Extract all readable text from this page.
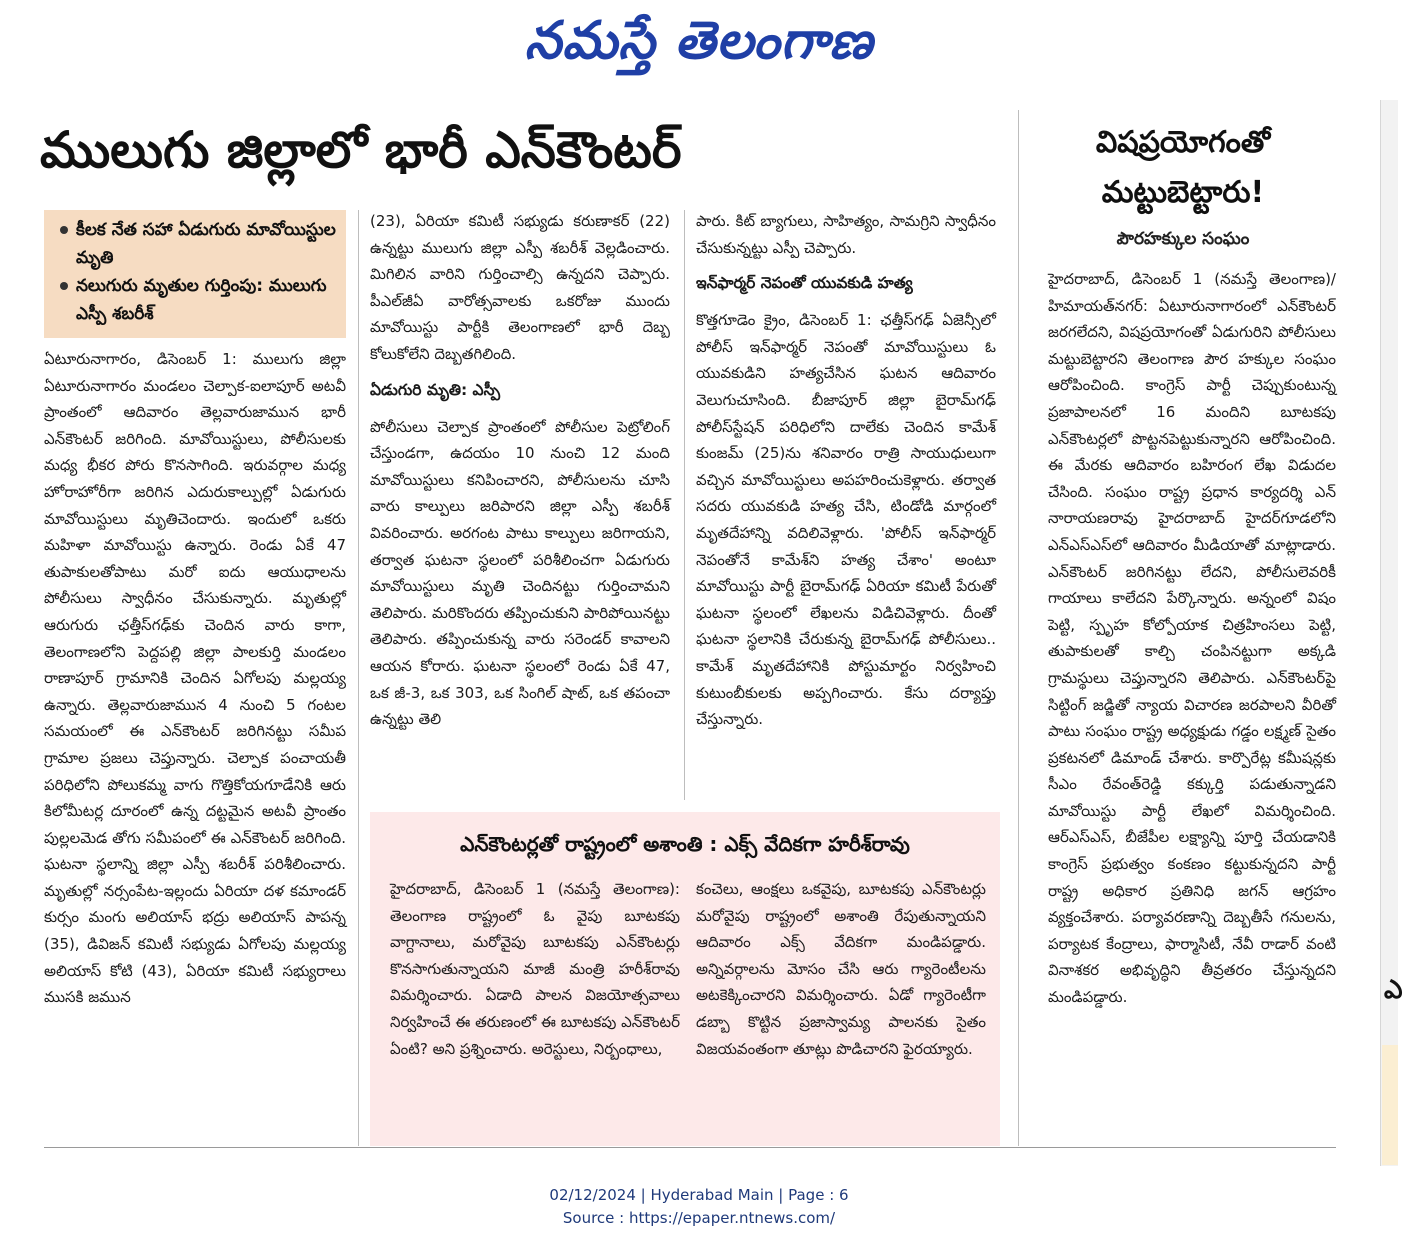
నమస్తే తెలంగాణ
ములుగు జిల్లాలో భారీ ఎన్‌కౌంటర్
కీలక నేత సహా ఏడుగురు మావోయిస్టుల మృతి
నలుగురు మృతుల గుర్తింపు: ములుగు ఎస్పీ శబరీశ్

ఏటూరునాగారం, డిసెంబర్ 1: ములుగు జిల్లా ఏటూరునాగారం మండలం చెల్పాక-ఐలాపూర్ అటవీ ప్రాంతంలో ఆదివారం తెల్లవారుజామున భారీ ఎన్‌కౌంటర్ జరిగింది. మావోయిస్టులు, పోలీసులకు మధ్య భీకర పోరు కొనసాగింది. ఇరువర్గాల మధ్య హోరాహోరీగా జరిగిన ఎదురుకాల్పుల్లో ఏడుగురు మావోయిస్టులు మృతిచెందారు. ఇందులో ఒకరు మహిళా మావోయిస్టు ఉన్నారు. రెండు ఏకే 47 తుపాకులతోపాటు మరో ఐదు ఆయుధాలను పోలీసులు స్వాధీనం చేసుకున్నారు. మృతుల్లో ఆరుగురు ఛత్తీస్‌గఢ్‌కు చెందిన వారు కాగా, తెలంగాణలోని పెద్దపల్లి జిల్లా పాలకుర్తి మండలం రాణాపూర్ గ్రామానికి చెందిన ఏగోలపు మల్లయ్య ఉన్నారు. తెల్లవారుజామున 4 నుంచి 5 గంటల సమయంలో ఈ ఎన్‌కౌంటర్ జరిగినట్టు సమీప గ్రామాల ప్రజలు చెప్తున్నారు. చెల్పాక పంచాయతీ పరిధిలోని పోలుకమ్మ వాగు గొత్తికోయగూడేనికి ఆరు కిలోమీటర్ల దూరంలో ఉన్న దట్టమైన అటవీ ప్రాంతం పుల్లలమెడ తోగు సమీపంలో ఈ ఎన్‌కౌంటర్ జరిగింది. ఘటనా స్థలాన్ని జిల్లా ఎస్పీ శబరీశ్ పరిశీలించారు. మృతుల్లో నర్సంపేట-ఇల్లందు ఏరియా దళ కమాండర్ కుర్సం మంగు అలియాస్ భద్రు అలియాస్ పాపన్న (35), డివిజన్ కమిటీ సభ్యుడు ఏగోలపు మల్లయ్య అలియాస్ కోటి (43), ఏరియా కమిటీ సభ్యురాలు ముసకి జమున

(23), ఏరియా కమిటీ సభ్యుడు కరుణాకర్ (22) ఉన్నట్టు ములుగు జిల్లా ఎస్పీ శబరీశ్ వెల్లడించారు. మిగిలిన వారిని గుర్తించాల్సి ఉన్నదని చెప్పారు. పీఎల్‌జీఏ వారోత్సవాలకు ఒకరోజు ముందు మావోయిస్టు పార్టీకి తెలంగాణలో భారీ దెబ్బ కోలుకోలేని దెబ్బతగిలింది.

ఏడుగురి మృతి: ఎస్పీ

పోలీసులు చెల్పాక ప్రాంతంలో పోలీసుల పెట్రోలింగ్ చేస్తుండగా, ఉదయం 10 నుంచి 12 మంది మావోయిస్టులు కనిపించారని, పోలీసులను చూసి వారు కాల్పులు జరిపారని జిల్లా ఎస్పీ శబరీశ్ వివరించారు. అరగంట పాటు కాల్పులు జరిగాయని, తర్వాత ఘటనా స్థలంలో పరిశీలించగా ఏడుగురు మావోయిస్టులు మృతి చెందినట్టు గుర్తించామని తెలిపారు. మరికొందరు తప్పించుకుని పారిపోయినట్టు తెలిపారు. తప్పించుకున్న వారు సరెండర్ కావాలని ఆయన కోరారు. ఘటనా స్థలంలో రెండు ఏకే 47, ఒక జీ-3, ఒక 303, ఒక సింగిల్ షాట్, ఒక తపంచా ఉన్నట్టు తెలి

పారు. కిట్ బ్యాగులు, సాహిత్యం, సామగ్రిని స్వాధీనం చేసుకున్నట్టు ఎస్పీ చెప్పారు.

ఇన్‌ఫార్మర్ నెపంతో యువకుడి హత్య

కొత్తగూడెం క్రైం, డిసెంబర్ 1: ఛత్తీస్‌గఢ్ ఏజెన్సీలో పోలీస్ ఇన్‌ఫార్మర్ నెపంతో మావోయిస్టులు ఓ యువకుడిని హత్యచేసిన ఘటన ఆదివారం వెలుగుచూసింది. బీజాపూర్ జిల్లా బైరామ్‌గఢ్ పోలీస్‌స్టేషన్ పరిధిలోని దాలేకు చెందిన కామేశ్ కుంజమ్ (25)ను శనివారం రాత్రి సాయుధులుగా వచ్చిన మావోయిస్టులు అపహరించుకెళ్లారు. తర్వాత సదరు యువకుడి హత్య చేసి, టిండోడి మార్గంలో మృతదేహాన్ని వదిలివెళ్లారు. 'పోలీస్ ఇన్‌ఫార్మర్ నెపంతోనే కామేశ్‌ని హత్య చేశాం' అంటూ మావోయిస్టు పార్టీ బైరామ్‌గఢ్ ఏరియా కమిటీ పేరుతో ఘటనా స్థలంలో లేఖలను విడిచివెళ్లారు. దీంతో ఘటనా స్థలానికి చేరుకున్న బైరామ్‌గఢ్ పోలీసులు.. కామేశ్ మృతదేహానికి పోస్టుమార్టం నిర్వహించి కుటుంబీకులకు అప్పగించారు. కేసు దర్యాప్తు చేస్తున్నారు.

ఎన్‌కౌంటర్లతో రాష్ట్రంలో అశాంతి : ఎక్స్ వేదికగా హరీశ్‌రావు

హైదరాబాద్, డిసెంబర్ 1 (నమస్తే తెలంగాణ): తెలంగాణ రాష్ట్రంలో ఓ వైపు బూటకపు వాగ్దానాలు, మరోవైపు బూటకపు ఎన్‌కౌంటర్లు కొనసాగుతున్నాయని మాజీ మంత్రి హరీశ్‌రావు విమర్శించారు. ఏడాది పాలన విజయోత్సవాలు నిర్వహించే ఈ తరుణంలో ఈ బూటకపు ఎన్‌కౌంటర్ ఏంటి? అని ప్రశ్నించారు. అరెస్టులు, నిర్బంధాలు,

కంచెలు, ఆంక్షలు ఒకవైపు, బూటకపు ఎన్‌కౌంటర్లు మరోవైపు రాష్ట్రంలో అశాంతి రేపుతున్నాయని ఆదివారం ఎక్స్ వేదికగా మండిపడ్డారు. అన్నివర్గాలను మోసం చేసి ఆరు గ్యారెంటీలను అటకెక్కించారని విమర్శించారు. ఏడో గ్యారెంటీగా డబ్బా కొట్టిన ప్రజాస్వామ్య పాలనకు సైతం విజయవంతంగా తూట్లు పొడిచారని ఫైరయ్యారు.

విషప్రయోగంతో మట్టుబెట్టారు!
పౌరహక్కుల సంఘం

హైదరాబాద్, డిసెంబర్ 1 (నమస్తే తెలంగాణ)/హిమాయత్‌నగర్: ఏటూరునాగారంలో ఎన్‌కౌంటర్ జరగలేదని, విషప్రయోగంతో ఏడుగురిని పోలీసులు మట్టుబెట్టారని తెలంగాణ పౌర హక్కుల సంఘం ఆరోపించింది. కాంగ్రెస్ పార్టీ చెప్పుకుంటున్న ప్రజాపాలనలో 16 మందిని బూటకపు ఎన్‌కౌంటర్లలో పొట్టనపెట్టుకున్నారని ఆరోపించింది. ఈ మేరకు ఆదివారం బహిరంగ లేఖ విడుదల చేసింది. సంఘం రాష్ట్ర ప్రధాన కార్యదర్శి ఎన్ నారాయణరావు హైదరాబాద్ హైదర్‌గూడలోని ఎన్ఎస్ఎస్‌లో ఆదివారం మీడియాతో మాట్లాడారు. ఎన్‌కౌంటర్ జరిగినట్టు లేదని, పోలీసులెవరికీ గాయాలు కాలేదని పేర్కొన్నారు. అన్నంలో విషం పెట్టి, స్పృహ కోల్పోయాక చిత్రహింసలు పెట్టి, తుపాకులతో కాల్చి చంపినట్టుగా అక్కడి గ్రామస్థులు చెప్తున్నారని తెలిపారు. ఎన్‌కౌంటర్‌పై సిట్టింగ్ జడ్జితో న్యాయ విచారణ జరపాలని వీరితో పాటు సంఘం రాష్ట్ర అధ్యక్షుడు గడ్డం లక్ష్మణ్ సైతం ప్రకటనలో డిమాండ్ చేశారు. కార్పొరేట్ల కమీషన్లకు సీఎం రేవంత్‌రెడ్డి కక్కుర్తి పడుతున్నాడని మావోయిస్టు పార్టీ లేఖలో విమర్శించింది. ఆర్ఎస్ఎస్, బీజేపీల లక్ష్యాన్ని పూర్తి చేయడానికి కాంగ్రెస్ ప్రభుత్వం కంకణం కట్టుకున్నదని పార్టీ రాష్ట్ర అధికార ప్రతినిధి జగన్ ఆగ్రహం వ్యక్తంచేశారు. పర్యావరణాన్ని దెబ్బతీసే గనులను, పర్యాటక కేంద్రాలు, ఫార్మాసిటీ, నేవీ రాడార్ వంటి వినాశకర అభివృద్ధిని తీవ్రతరం చేస్తున్నదని మండిపడ్డారు.	ఎ
02/12/2024 | Hyderabad Main | Page : 6
Source : https://epaper.ntnews.com/
